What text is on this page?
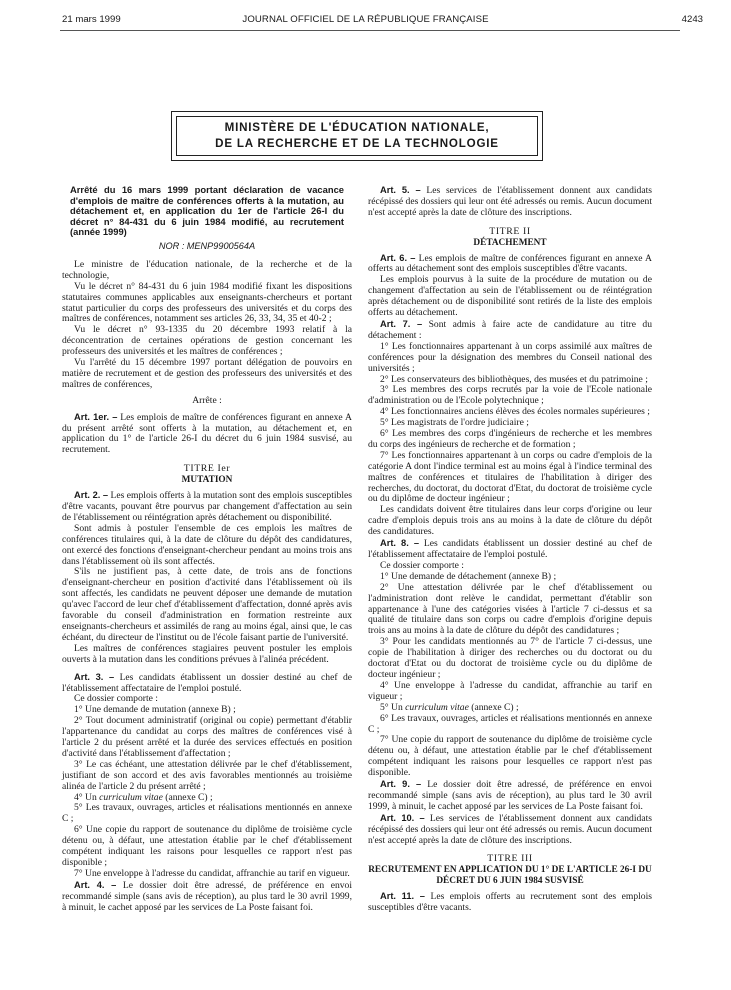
21 mars 1999	JOURNAL OFFICIEL DE LA RÉPUBLIQUE FRANÇAISE	4243
MINISTÈRE DE L'ÉDUCATION NATIONALE,
DE LA RECHERCHE ET DE LA TECHNOLOGIE

Arrêté du 16 mars 1999 portant déclaration de vacance d'emplois de maître de conférences offerts à la mutation, au détachement et, en application du 1er de l'article 26-I du décret n° 84-431 du 6 juin 1984 modifié, au recrutement (année 1999)

NOR : MENP9900564A

Le ministre de l'éducation nationale, de la recherche et de la technologie,

Vu le décret n° 84-431 du 6 juin 1984 modifié fixant les dispositions statutaires communes applicables aux enseignants-chercheurs et portant statut particulier du corps des professeurs des universités et du corps des maîtres de conférences, notamment ses articles 26, 33, 34, 35 et 40-2 ;

Vu le décret n° 93-1335 du 20 décembre 1993 relatif à la déconcentration de certaines opérations de gestion concernant les professeurs des universités et les maîtres de conférences ;

Vu l'arrêté du 15 décembre 1997 portant délégation de pouvoirs en matière de recrutement et de gestion des professeurs des universités et des maîtres de conférences,

Arrête :

Art. 1er. – Les emplois de maître de conférences figurant en annexe A du présent arrêté sont offerts à la mutation, au détachement et, en application du 1° de l'article 26-I du décret du 6 juin 1984 susvisé, au recrutement.

TITRE Ier

MUTATION

Art. 2. – Les emplois offerts à la mutation sont des emplois susceptibles d'être vacants, pouvant être pourvus par changement d'affectation au sein de l'établissement ou réintégration après détachement ou disponibilité.

Sont admis à postuler l'ensemble de ces emplois les maîtres de conférences titulaires qui, à la date de clôture du dépôt des candidatures, ont exercé des fonctions d'enseignant-chercheur pendant au moins trois ans dans l'établissement où ils sont affectés.

S'ils ne justifient pas, à cette date, de trois ans de fonctions d'enseignant-chercheur en position d'activité dans l'établissement où ils sont affectés, les candidats ne peuvent déposer une demande de mutation qu'avec l'accord de leur chef d'établissement d'affectation, donné après avis favorable du conseil d'administration en formation restreinte aux enseignants-chercheurs et assimilés de rang au moins égal, ainsi que, le cas échéant, du directeur de l'institut ou de l'école faisant partie de l'université.

Les maîtres de conférences stagiaires peuvent postuler les emplois ouverts à la mutation dans les conditions prévues à l'alinéa précédent.

Art. 3. – Les candidats établissent un dossier destiné au chef de l'établissement affectataire de l'emploi postulé.

Ce dossier comporte :

1° Une demande de mutation (annexe B) ;

2° Tout document administratif (original ou copie) permettant d'établir l'appartenance du candidat au corps des maîtres de conférences visé à l'article 2 du présent arrêté et la durée des services effectués en position d'activité dans l'établissement d'affectation ;

3° Le cas échéant, une attestation délivrée par le chef d'établissement, justifiant de son accord et des avis favorables mentionnés au troisième alinéa de l'article 2 du présent arrêté ;

4° Un curriculum vitae (annexe C) ;

5° Les travaux, ouvrages, articles et réalisations mentionnés en annexe C ;

6° Une copie du rapport de soutenance du diplôme de troisième cycle détenu ou, à défaut, une attestation établie par le chef d'établissement compétent indiquant les raisons pour lesquelles ce rapport n'est pas disponible ;

7° Une enveloppe à l'adresse du candidat, affranchie au tarif en vigueur.

Art. 4. – Le dossier doit être adressé, de préférence en envoi recommandé simple (sans avis de réception), au plus tard le 30 avril 1999, à minuit, le cachet apposé par les services de La Poste faisant foi.

Art. 5. – Les services de l'établissement donnent aux candidats récépissé des dossiers qui leur ont été adressés ou remis. Aucun document n'est accepté après la date de clôture des inscriptions.

TITRE II

DÉTACHEMENT

Art. 6. – Les emplois de maître de conférences figurant en annexe A offerts au détachement sont des emplois susceptibles d'être vacants.

Les emplois pourvus à la suite de la procédure de mutation ou de changement d'affectation au sein de l'établissement ou de réintégration après détachement ou de disponibilité sont retirés de la liste des emplois offerts au détachement.

Art. 7. – Sont admis à faire acte de candidature au titre du détachement :

1° Les fonctionnaires appartenant à un corps assimilé aux maîtres de conférences pour la désignation des membres du Conseil national des universités ;

2° Les conservateurs des bibliothèques, des musées et du patrimoine ;

3° Les membres des corps recrutés par la voie de l'Ecole nationale d'administration ou de l'Ecole polytechnique ;

4° Les fonctionnaires anciens élèves des écoles normales supérieures ;

5° Les magistrats de l'ordre judiciaire ;

6° Les membres des corps d'ingénieurs de recherche et les membres du corps des ingénieurs de recherche et de formation ;

7° Les fonctionnaires appartenant à un corps ou cadre d'emplois de la catégorie A dont l'indice terminal est au moins égal à l'indice terminal des maîtres de conférences et titulaires de l'habilitation à diriger des recherches, du doctorat, du doctorat d'Etat, du doctorat de troisième cycle ou du diplôme de docteur ingénieur ;

Les candidats doivent être titulaires dans leur corps d'origine ou leur cadre d'emplois depuis trois ans au moins à la date de clôture du dépôt des candidatures.

Art. 8. – Les candidats établissent un dossier destiné au chef de l'établissement affectataire de l'emploi postulé.

Ce dossier comporte :

1° Une demande de détachement (annexe B) ;

2° Une attestation délivrée par le chef d'établissement ou l'administration dont relève le candidat, permettant d'établir son appartenance à l'une des catégories visées à l'article 7 ci-dessus et sa qualité de titulaire dans son corps ou cadre d'emplois d'origine depuis trois ans au moins à la date de clôture du dépôt des candidatures ;

3° Pour les candidats mentionnés au 7° de l'article 7 ci-dessus, une copie de l'habilitation à diriger des recherches ou du doctorat ou du doctorat d'Etat ou du doctorat de troisième cycle ou du diplôme de docteur ingénieur ;

4° Une enveloppe à l'adresse du candidat, affranchie au tarif en vigueur ;

5° Un curriculum vitae (annexe C) ;

6° Les travaux, ouvrages, articles et réalisations mentionnés en annexe C ;

7° Une copie du rapport de soutenance du diplôme de troisième cycle détenu ou, à défaut, une attestation établie par le chef d'établissement compétent indiquant les raisons pour lesquelles ce rapport n'est pas disponible.

Art. 9. – Le dossier doit être adressé, de préférence en envoi recommandé simple (sans avis de réception), au plus tard le 30 avril 1999, à minuit, le cachet apposé par les services de La Poste faisant foi.

Art. 10. – Les services de l'établissement donnent aux candidats récépissé des dossiers qui leur ont été adressés ou remis. Aucun document n'est accepté après la date de clôture des inscriptions.

TITRE III

RECRUTEMENT EN APPLICATION DU 1° DE L'ARTICLE 26-I DU DÉCRET DU 6 JUIN 1984 SUSVISÉ

Art. 11. – Les emplois offerts au recrutement sont des emplois susceptibles d'être vacants.
